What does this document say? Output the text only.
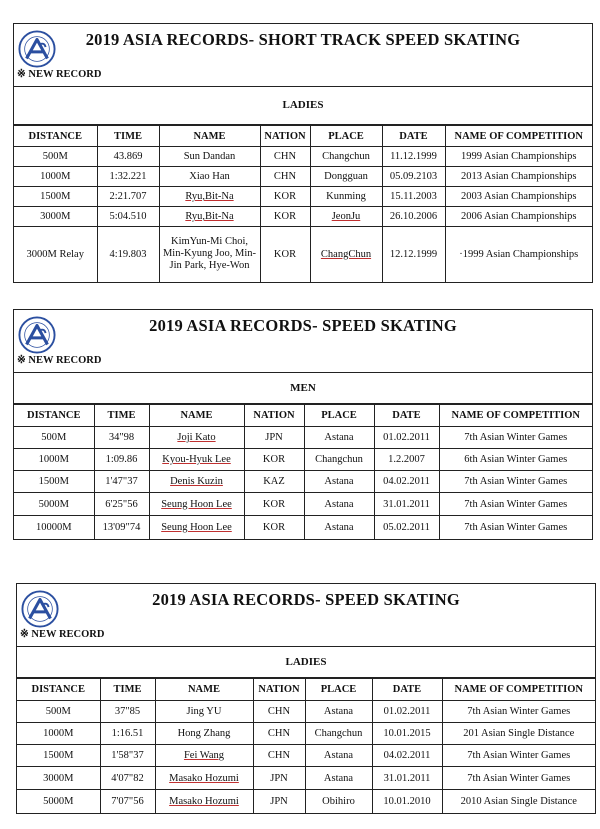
2019 ASIA RECORDS- SHORT TRACK SPEED SKATING
※ NEW RECORD
LADIES
DISTANCE	TIME	NAME	NATION	PLACE	DATE	NAME OF COMPETITION
500M	43.869	Sun Dandan	CHN	Changchun	11.12.1999	1999 Asian Championships
1000M	1:32.221	Xiao Han	CHN	Dongguan	05.09.2103	2013 Asian Championships
1500M	2:21.707	Ryu,Bit-Na	KOR	Kunming	15.11.2003	2003 Asian Championships
3000M	5:04.510	Ryu,Bit-Na	KOR	JeonJu	26.10.2006	2006 Asian Championships
3000M Relay	4:19.803	KimYun-Mi Choi, Min-Kyung Joo, Min-Jin Park, Hye-Won	KOR	ChangChun	12.12.1999	·1999 Asian Championships
2019 ASIA RECORDS- SPEED SKATING
※ NEW RECORD
MEN
DISTANCE	TIME	NAME	NATION	PLACE	DATE	NAME OF COMPETITION
500M	34"98	Joji Kato	JPN	Astana	01.02.2011	7th Asian Winter Games
1000M	1:09.86	Kyou-Hyuk Lee	KOR	Changchun	1.2.2007	6th Asian Winter Games
1500M	1'47"37	Denis Kuzin	KAZ	Astana	04.02.2011	7th Asian Winter Games
5000M	6'25"56	Seung Hoon Lee	KOR	Astana	31.01.2011	7th Asian Winter Games
10000M	13'09"74	Seung Hoon Lee	KOR	Astana	05.02.2011	7th Asian Winter Games
2019 ASIA RECORDS- SPEED SKATING
※ NEW RECORD
LADIES
DISTANCE	TIME	NAME	NATION	PLACE	DATE	NAME OF COMPETITION
500M	37"85	Jing YU	CHN	Astana	01.02.2011	7th Asian Winter Games
1000M	1:16.51	Hong Zhang	CHN	Changchun	10.01.2015	201 Asian Single Distance
1500M	1'58"37	Fei Wang	CHN	Astana	04.02.2011	7th Asian Winter Games
3000M	4'07"82	Masako Hozumi	JPN	Astana	31.01.2011	7th Asian Winter Games
5000M	7'07"56	Masako Hozumi	JPN	Obihiro	10.01.2010	2010 Asian Single Distance
